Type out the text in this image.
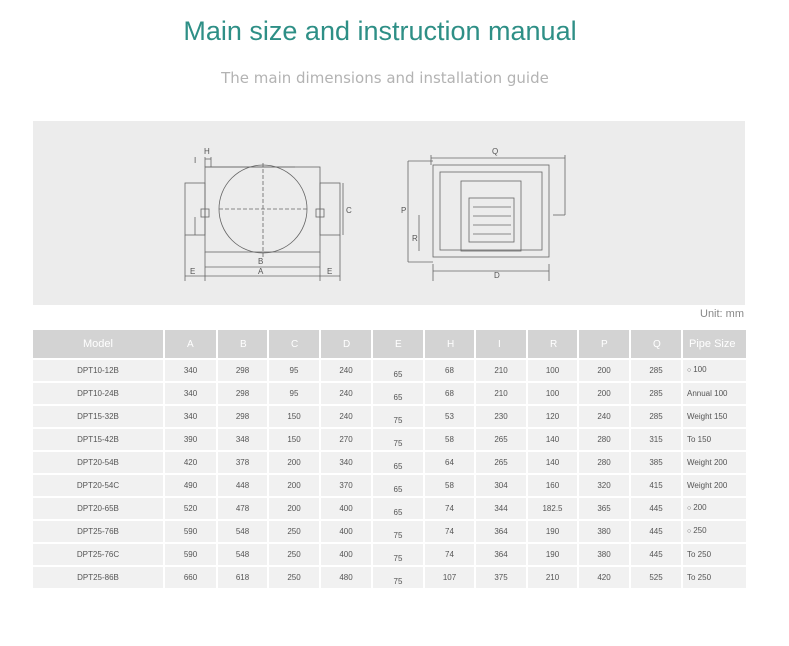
Main size and instruction manual
The main dimensions and installation guide
H
I
C
B
A
E	E
Q
P
R
D
Unit: mm
Model	A	B	C	D	E	H	I	R	P	Q	Pipe Size
DPT10-12B	340	298	95	240	65	68	210	100	200	285	○ 100
DPT10-24B	340	298	95	240	65	68	210	100	200	285	Annual 100
DPT15-32B	340	298	150	240	75	53	230	120	240	285	Weight 150
DPT15-42B	390	348	150	270	75	58	265	140	280	315	To 150
DPT20-54B	420	378	200	340	65	64	265	140	280	385	Weight 200
DPT20-54C	490	448	200	370	65	58	304	160	320	415	Weight 200
DPT20-65B	520	478	200	400	65	74	344	182.5	365	445	○ 200
DPT25-76B	590	548	250	400	75	74	364	190	380	445	○ 250
DPT25-76C	590	548	250	400	75	74	364	190	380	445	To 250
DPT25-86B	660	618	250	480	75	107	375	210	420	525	To 250
